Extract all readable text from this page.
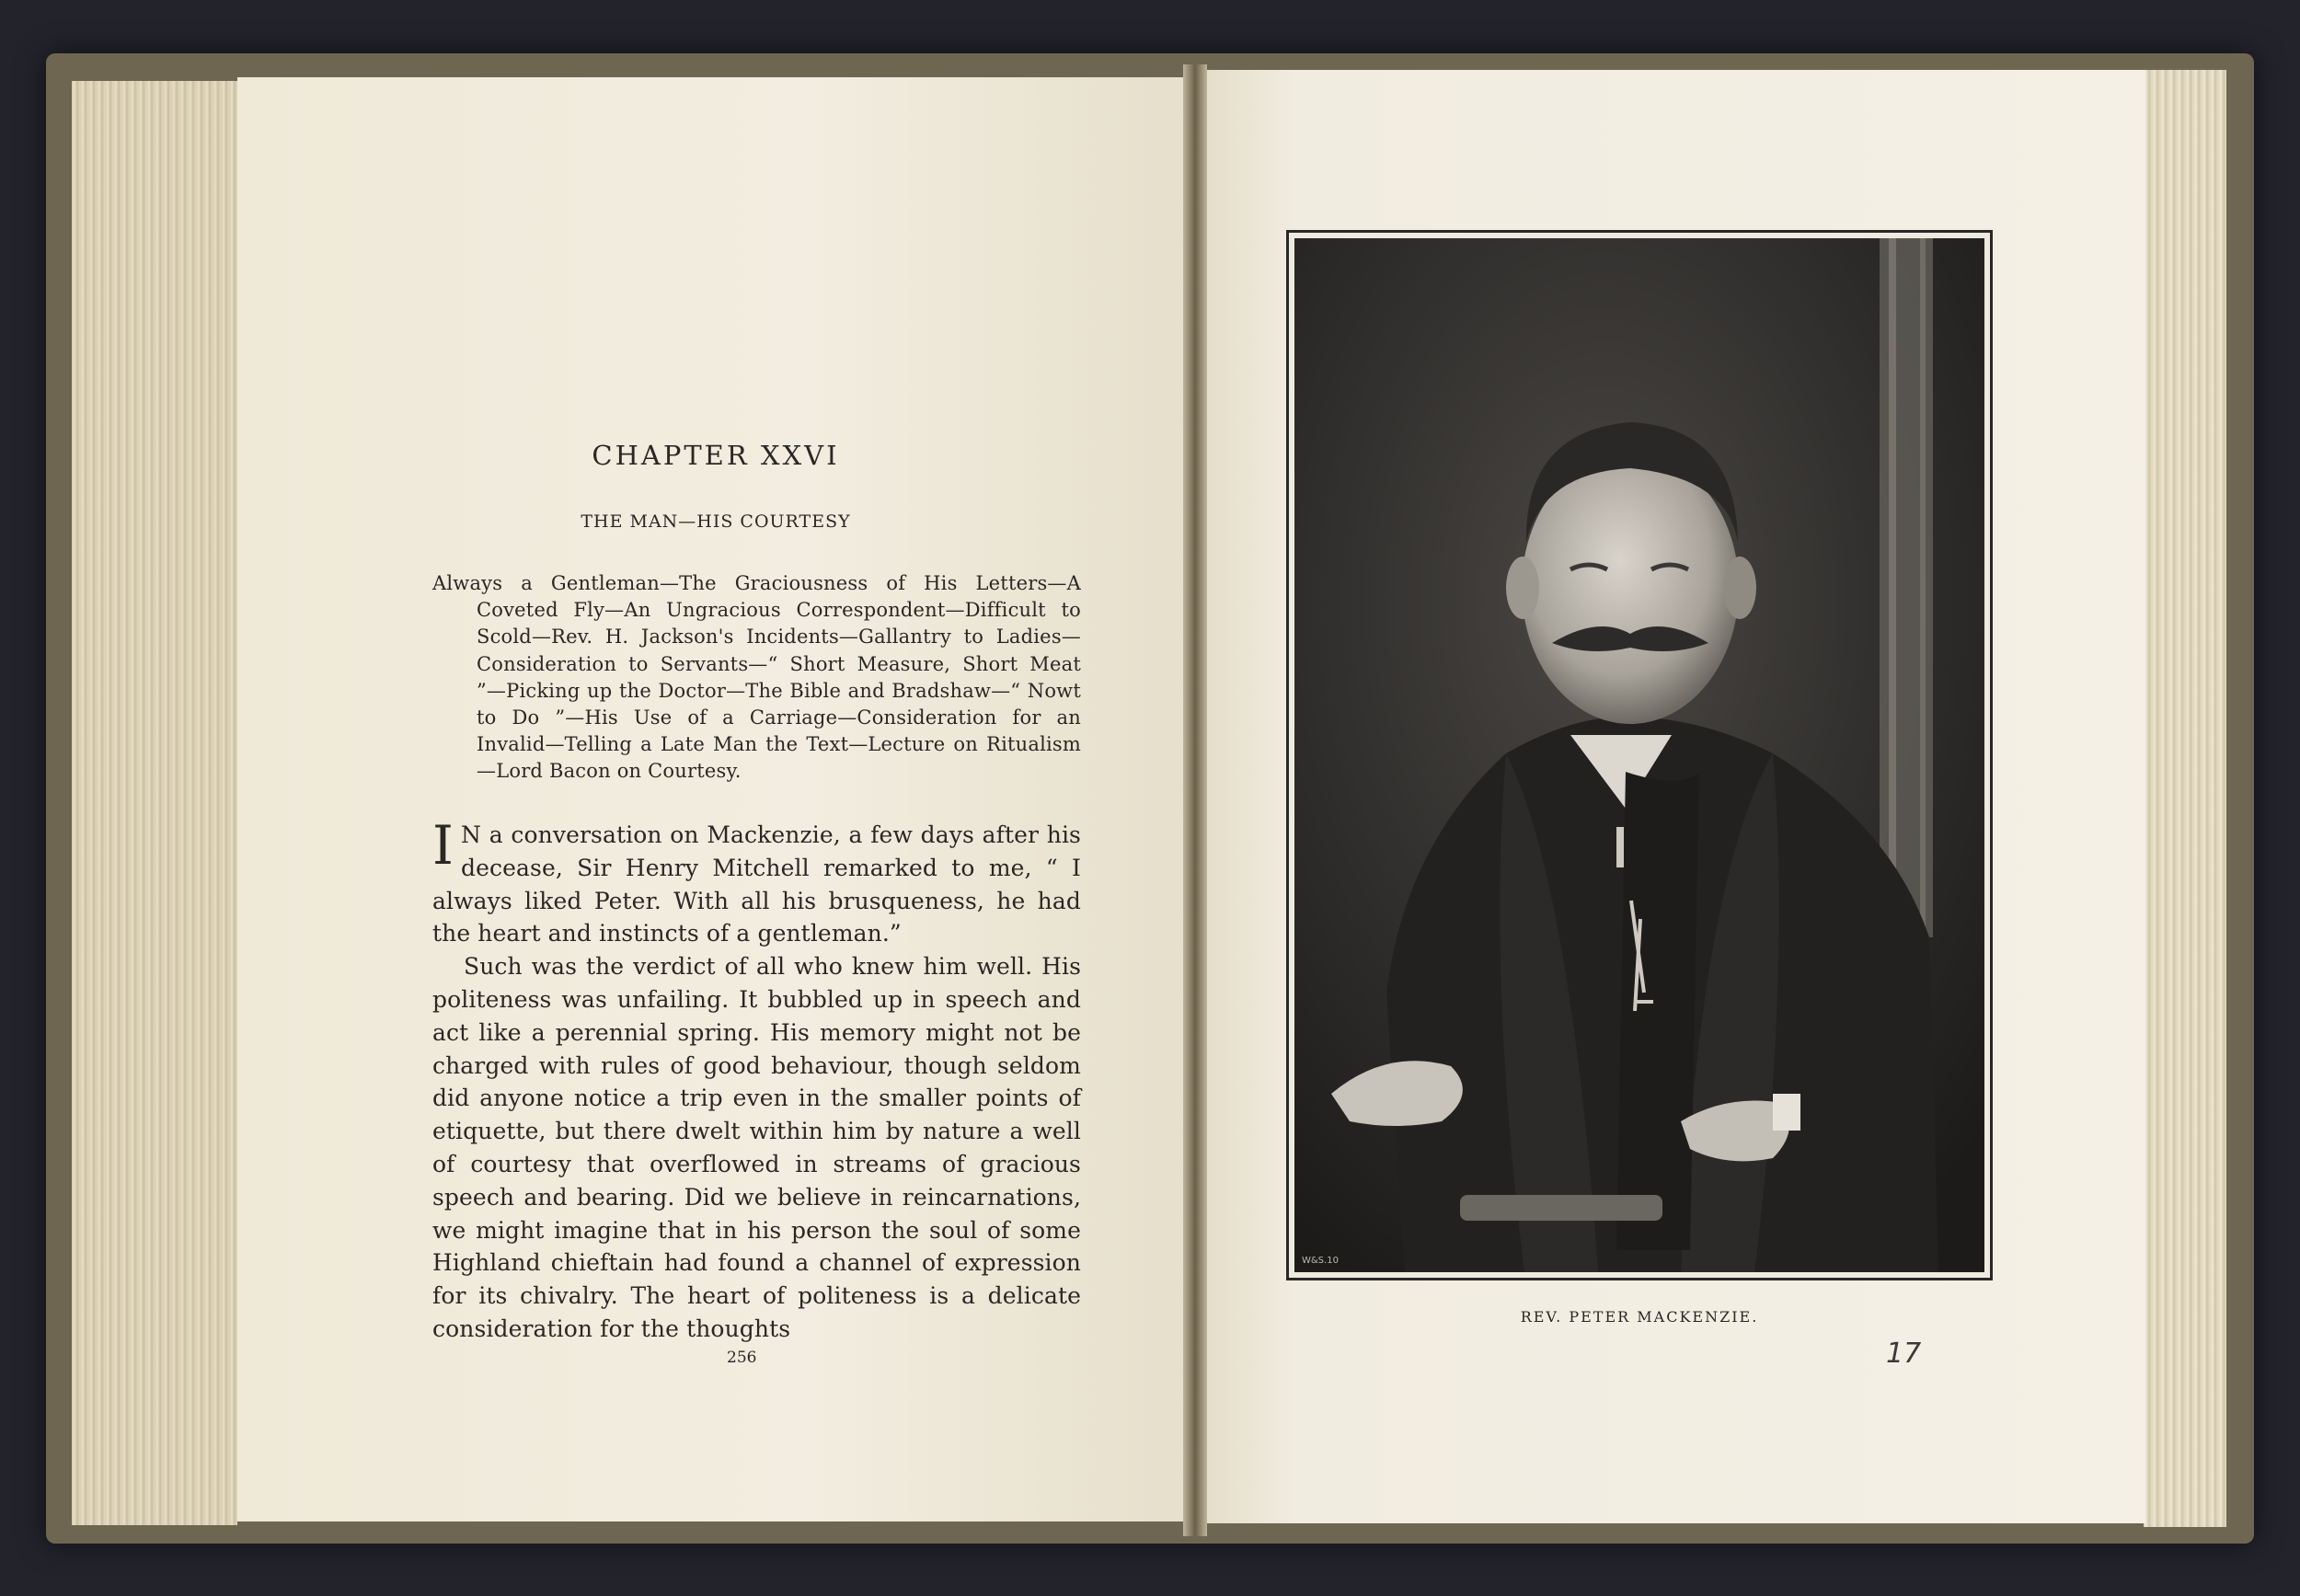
CHAPTER XXVI
THE MAN—HIS COURTESY
Always a Gentleman—The Graciousness of His Letters—A Coveted Fly—An Ungracious Correspondent—Difficult to Scold—Rev. H. Jackson's Incidents—Gallantry to Ladies—Consideration to Servants—“ Short Measure, Short Meat ”—Picking up the Doctor—The Bible and Bradshaw—“ Nowt to Do ”—His Use of a Carriage—Consideration for an Invalid—Telling a Late Man the Text—Lecture on Ritualism—Lord Bacon on Courtesy.

I N a conversation on Mackenzie, a few days after his decease, Sir Henry Mitchell remarked to me, “ I always liked Peter. With all his brusqueness, he had the heart and instincts of a gentleman.”

Such was the verdict of all who knew him well. His politeness was unfailing. It bubbled up in speech and act like a perennial spring. His memory might not be charged with rules of good behaviour, though seldom did anyone notice a trip even in the smaller points of etiquette, but there dwelt within him by nature a well of courtesy that overflowed in streams of gracious speech and bearing. Did we believe in reincarnations, we might imagine that in his person the soul of some Highland chieftain had found a channel of expression for its chivalry. The heart of politeness is a delicate consideration for the thoughts

256
W&S.10
REV. PETER MACKENZIE.
17
